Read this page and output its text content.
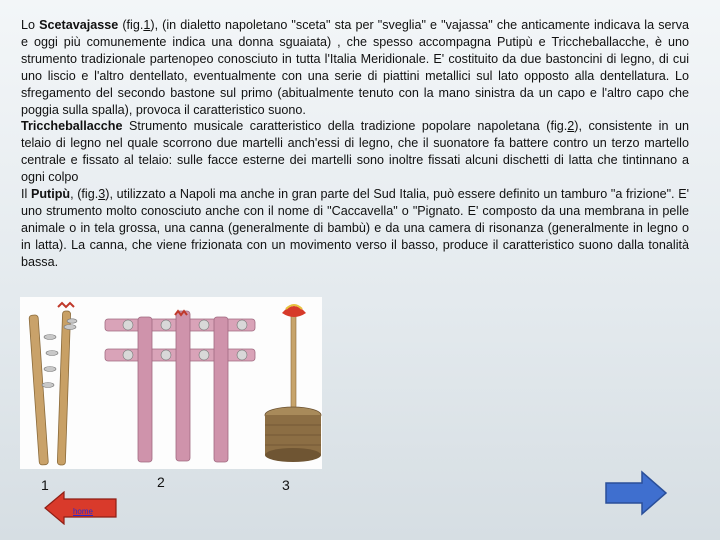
Lo Scetavajasse (fig.1), (in dialetto napoletano "sceta" sta per "sveglia" e "vajassa" che anticamente indicava la serva e oggi più comunemente indica una donna sguaiata) , che spesso accompagna Putipù e Triccheballacche, è uno strumento tradizionale partenopeo conosciuto in tutta l'Italia Meridionale. E' costituito da due bastoncini di legno, di cui uno liscio e l'altro dentellato, eventualmente con una serie di piattini metallici sul lato opposto alla dentellatura. Lo sfregamento del secondo bastone sul primo (abitualmente tenuto con la mano sinistra da un capo e l'altro capo che poggia sulla spalla), provoca il caratteristico suono.

Triccheballacche Strumento musicale caratteristico della tradizione popolare napoletana (fig.2), consistente in un telaio di legno nel quale scorrono due martelli anch'essi di legno, che il suonatore fa battere contro un terzo martello centrale e fissato al telaio: sulle facce esterne dei martelli sono inoltre fissati alcuni dischetti di latta che tintinnano a ogni colpo

Il Putipù, (fig.3), utilizzato a Napoli ma anche in gran parte del Sud Italia, può essere definito un tamburo "a frizione". E' uno strumento molto conosciuto anche con il nome di "Caccavella" o "Pignato. E' composto da una membrana in pelle animale o in tela grossa, una canna (generalmente di bambù) e da una camera di risonanza (generalmente in legno o in latta). La canna, che viene frizionata con un movimento verso il basso, produce il caratteristico suono dalla tonalità bassa.

1	2	3
home
